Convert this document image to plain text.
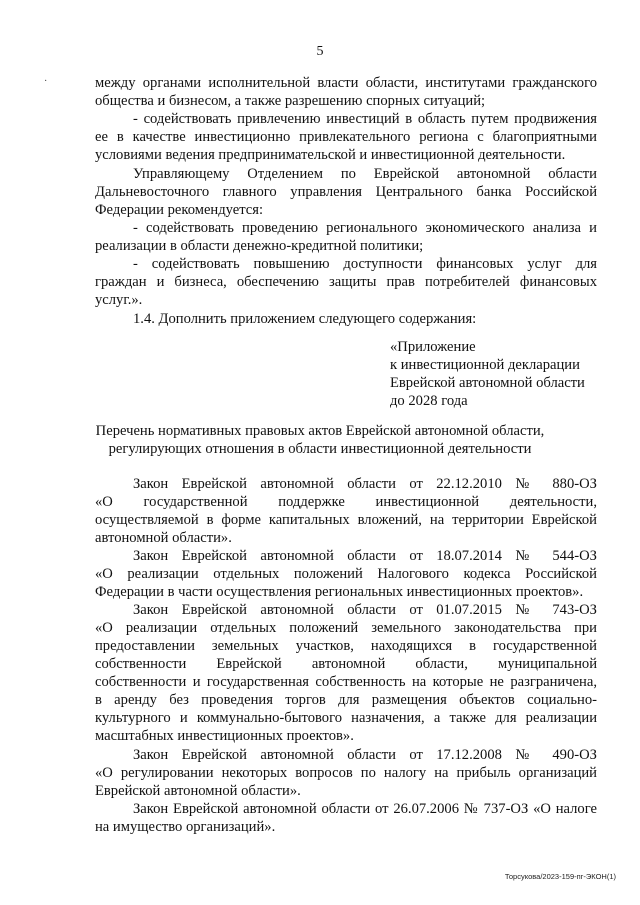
5
·	между органами исполнительной власти области, институтами гражданского
общества и бизнесом, а также разрешению спорных ситуаций;
- содействовать привлечению инвестиций в область путем продвижения
ее в качестве инвестиционно привлекательного региона с благоприятными
условиями ведения предпринимательской и инвестиционной деятельности.
Управляющему Отделением по Еврейской автономной области
Дальневосточного главного управления Центрального банка Российской
Федерации рекомендуется:
- содействовать проведению регионального экономического анализа и
реализации в области денежно-кредитной политики;
- содействовать повышению доступности финансовых услуг для
граждан и бизнеса, обеспечению защиты прав потребителей финансовых
услуг.».
1.4. Дополнить приложением следующего содержания:
Закон Еврейской автономной области от 22.12.2010 № 880-ОЗ
«О государственной поддержке инвестиционной деятельности,
осуществляемой в форме капитальных вложений, на территории Еврейской
автономной области».
Закон Еврейской автономной области от 18.07.2014 № 544-ОЗ
«О реализации отдельных положений Налогового кодекса Российской
Федерации в части осуществления региональных инвестиционных проектов».
Закон Еврейской автономной области от 01.07.2015 № 743-ОЗ
«О реализации отдельных положений земельного законодательства при
предоставлении земельных участков, находящихся в государственной
собственности Еврейской автономной области, муниципальной
собственности и государственная собственность на которые не разграничена,
в аренду без проведения торгов для размещения объектов социально-
культурного и коммунально-бытового назначения, а также для реализации
масштабных инвестиционных проектов».
Закон Еврейской автономной области от 17.12.2008 № 490-ОЗ
«О регулировании некоторых вопросов по налогу на прибыль организаций
Еврейской автономной области».
Закон Еврейской автономной области от 26.07.2006 № 737-ОЗ «О налоге
на имущество организаций».
«Приложение
к инвестиционной декларации
Еврейской автономной области
до 2028 года
Перечень нормативных правовых актов Еврейской автономной области,
регулирующих отношения в области инвестиционной деятельности
Торсукова/2023-159-пг-ЭКОН(1)
